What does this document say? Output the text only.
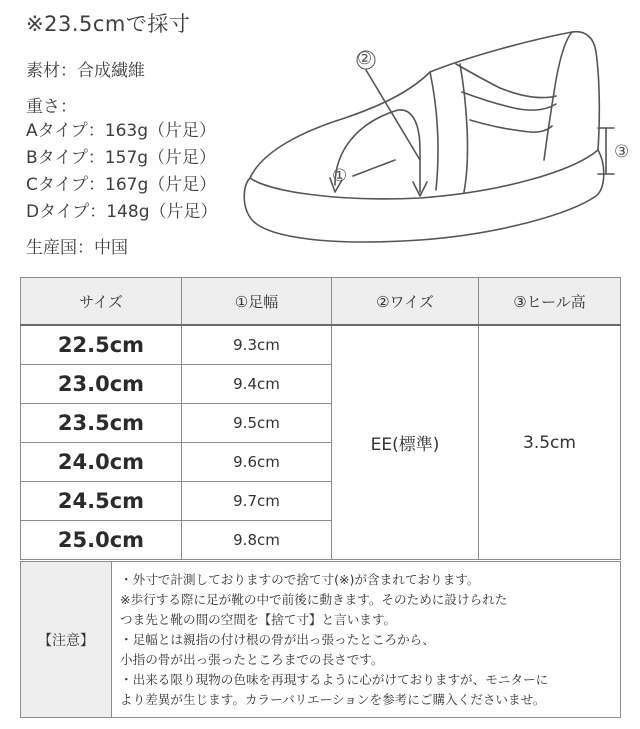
※23.5cmで採寸
素材：合成繊維
重さ：
Aタイプ：163g（片足）
Bタイプ：157g（片足）
Cタイプ：167g（片足）
Dタイプ：148g（片足）
生産国：中国
①
②
③
サイズ	①足幅	②ワイズ	③ヒール高
22.5cm	9.3cm	EE(標準)	3.5cm
23.0cm	9.4cm		
23.5cm	9.5cm		
24.0cm	9.6cm		
24.5cm	9.7cm		
25.0cm	9.8cm		
【注意】	
・外寸で計測しておりますので捨て寸(※)が含まれております。
※歩行する際に足が靴の中で前後に動きます。そのために設けられた
つま先と靴の間の空間を【捨て寸】と言います。
・足幅とは親指の付け根の骨が出っ張ったところから、
小指の骨が出っ張ったところまでの長さです。
・出来る限り現物の色味を再現するように心がけておりますが、モニターに
より差異が生じます。カラーバリエーションを参考にご購入くださいませ。
